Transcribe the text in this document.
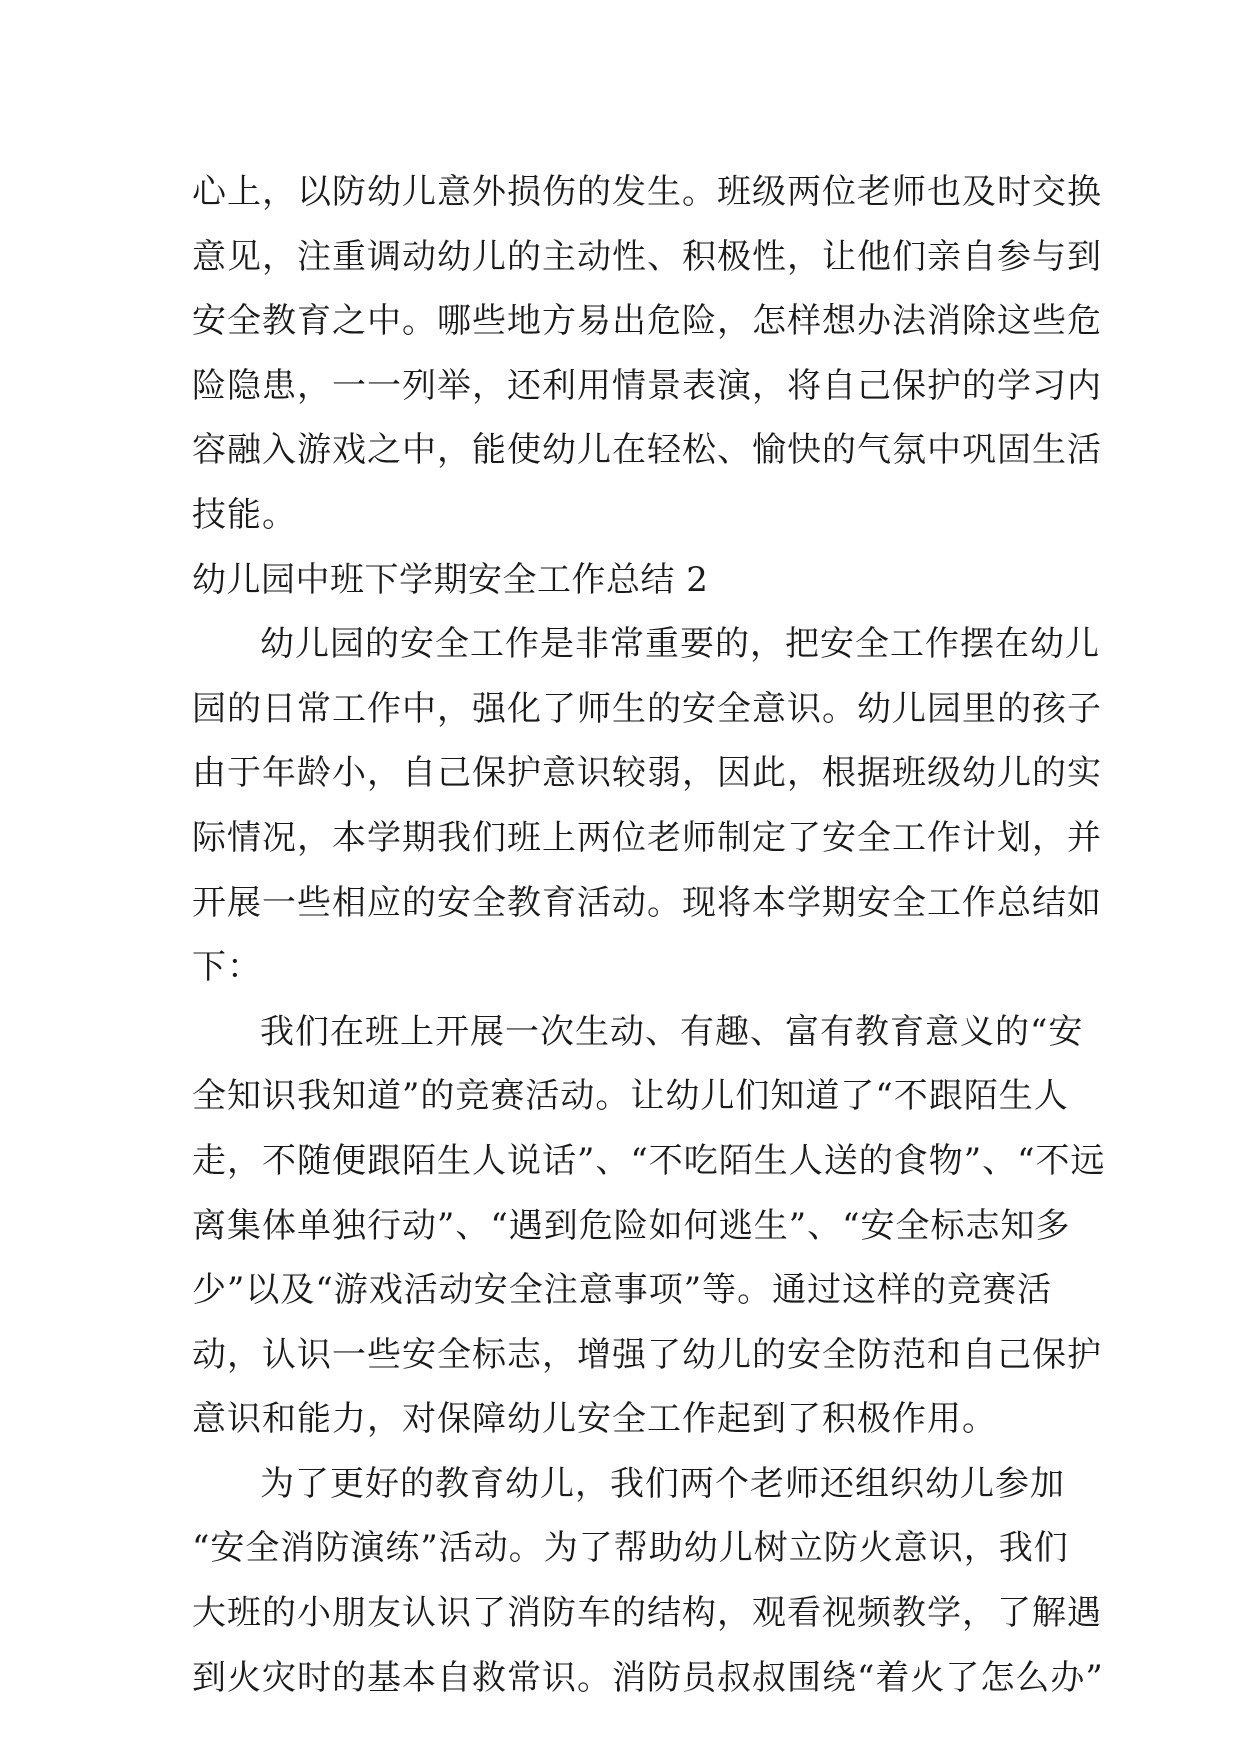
心上，以防幼儿意外损伤的发生。班级两位老师也及时交换
意见，注重调动幼儿的主动性、积极性，让他们亲自参与到
安全教育之中。哪些地方易出危险，怎样想办法消除这些危
险隐患，一一列举，还利用情景表演，将自己保护的学习内
容融入游戏之中，能使幼儿在轻松、愉快的气氛中巩固生活
技能。
幼儿园中班下学期安全工作总结 2
幼儿园的安全工作是非常重要的，把安全工作摆在幼儿
园的日常工作中，强化了师生的安全意识。幼儿园里的孩子
由于年龄小，自己保护意识较弱，因此，根据班级幼儿的实
际情况，本学期我们班上两位老师制定了安全工作计划，并
开展一些相应的安全教育活动。现将本学期安全工作总结如
下：
我们在班上开展一次生动、有趣、富有教育意义的“安
全知识我知道”的竞赛活动。让幼儿们知道了“不跟陌生人
走，不随便跟陌生人说话”、“不吃陌生人送的食物”、“不远
离集体单独行动”、“遇到危险如何逃生”、“安全标志知多
少”以及“游戏活动安全注意事项”等。通过这样的竞赛活
动，认识一些安全标志，增强了幼儿的安全防范和自己保护
意识和能力，对保障幼儿安全工作起到了积极作用。
为了更好的教育幼儿，我们两个老师还组织幼儿参加
“安全消防演练”活动。为了帮助幼儿树立防火意识，我们
大班的小朋友认识了消防车的结构，观看视频教学，了解遇
到火灾时的基本自救常识。消防员叔叔围绕“着火了怎么办”
